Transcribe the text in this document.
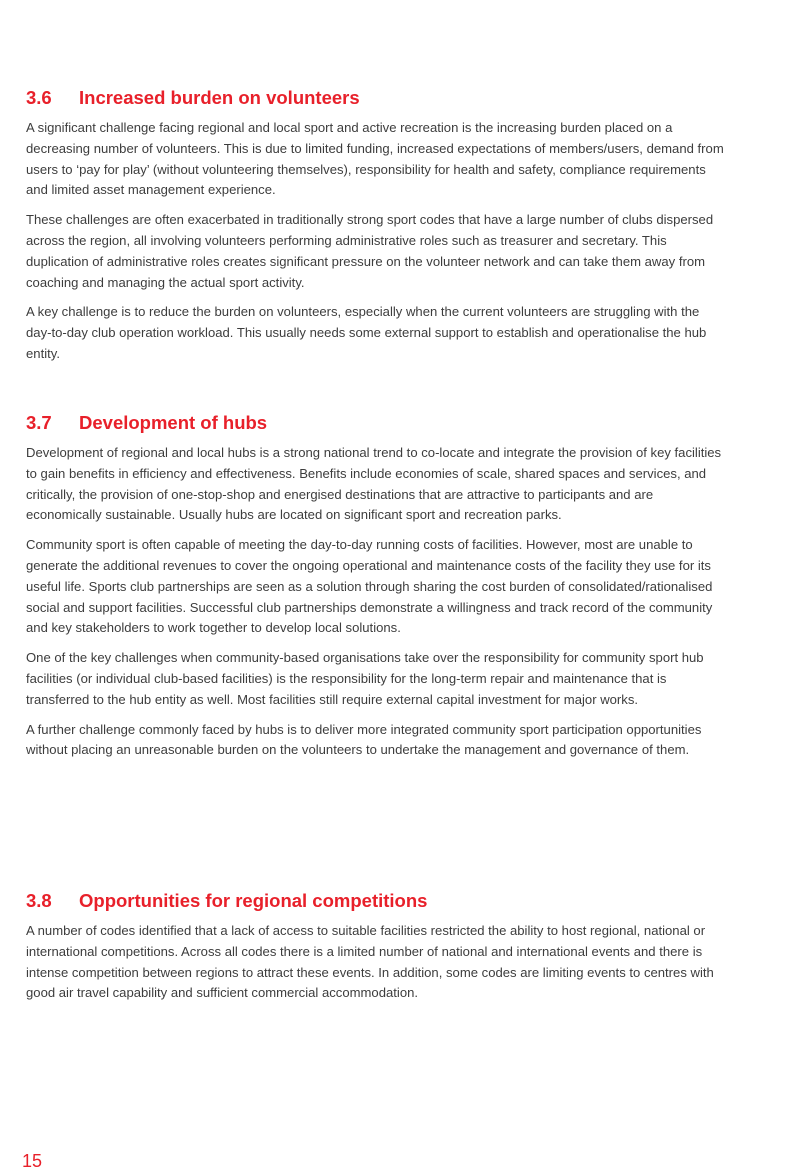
3.6 Increased burden on volunteers

A significant challenge facing regional and local sport and active recreation is the increasing burden placed on a decreasing number of volunteers. This is due to limited funding, increased expectations of members/users, demand from users to ‘pay for play’ (without volunteering themselves), responsibility for health and safety, compliance requirements and limited asset management experience.

These challenges are often exacerbated in traditionally strong sport codes that have a large number of clubs dispersed across the region, all involving volunteers performing administrative roles such as treasurer and secretary. This duplication of administrative roles creates significant pressure on the volunteer network and can take them away from coaching and managing the actual sport activity.

A key challenge is to reduce the burden on volunteers, especially when the current volunteers are struggling with the day-to-day club operation workload. This usually needs some external support to establish and operationalise the hub entity.

3.7 Development of hubs

Development of regional and local hubs is a strong national trend to co-locate and integrate the provision of key facilities to gain benefits in efficiency and effectiveness. Benefits include economies of scale, shared spaces and services, and critically, the provision of one-stop-shop and energised destinations that are attractive to participants and are economically sustainable. Usually hubs are located on significant sport and recreation parks.

Community sport is often capable of meeting the day-to-day running costs of facilities. However, most are unable to generate the additional revenues to cover the ongoing operational and maintenance costs of the facility they use for its useful life. Sports club partnerships are seen as a solution through sharing the cost burden of consolidated/rationalised social and support facilities. Successful club partnerships demonstrate a willingness and track record of the community and key stakeholders to work together to develop local solutions.

One of the key challenges when community-based organisations take over the responsibility for community sport hub facilities (or individual club-based facilities) is the responsibility for the long-term repair and maintenance that is transferred to the hub entity as well. Most facilities still require external capital investment for major works.

A further challenge commonly faced by hubs is to deliver more integrated community sport participation opportunities without placing an unreasonable burden on the volunteers to undertake the management and governance of them.

3.8 Opportunities for regional competitions

A number of codes identified that a lack of access to suitable facilities restricted the ability to host regional, national or international competitions. Across all codes there is a limited number of national and international events and there is intense competition between regions to attract these events. In addition, some codes are limiting events to centres with good air travel capability and sufficient commercial accommodation.

15
